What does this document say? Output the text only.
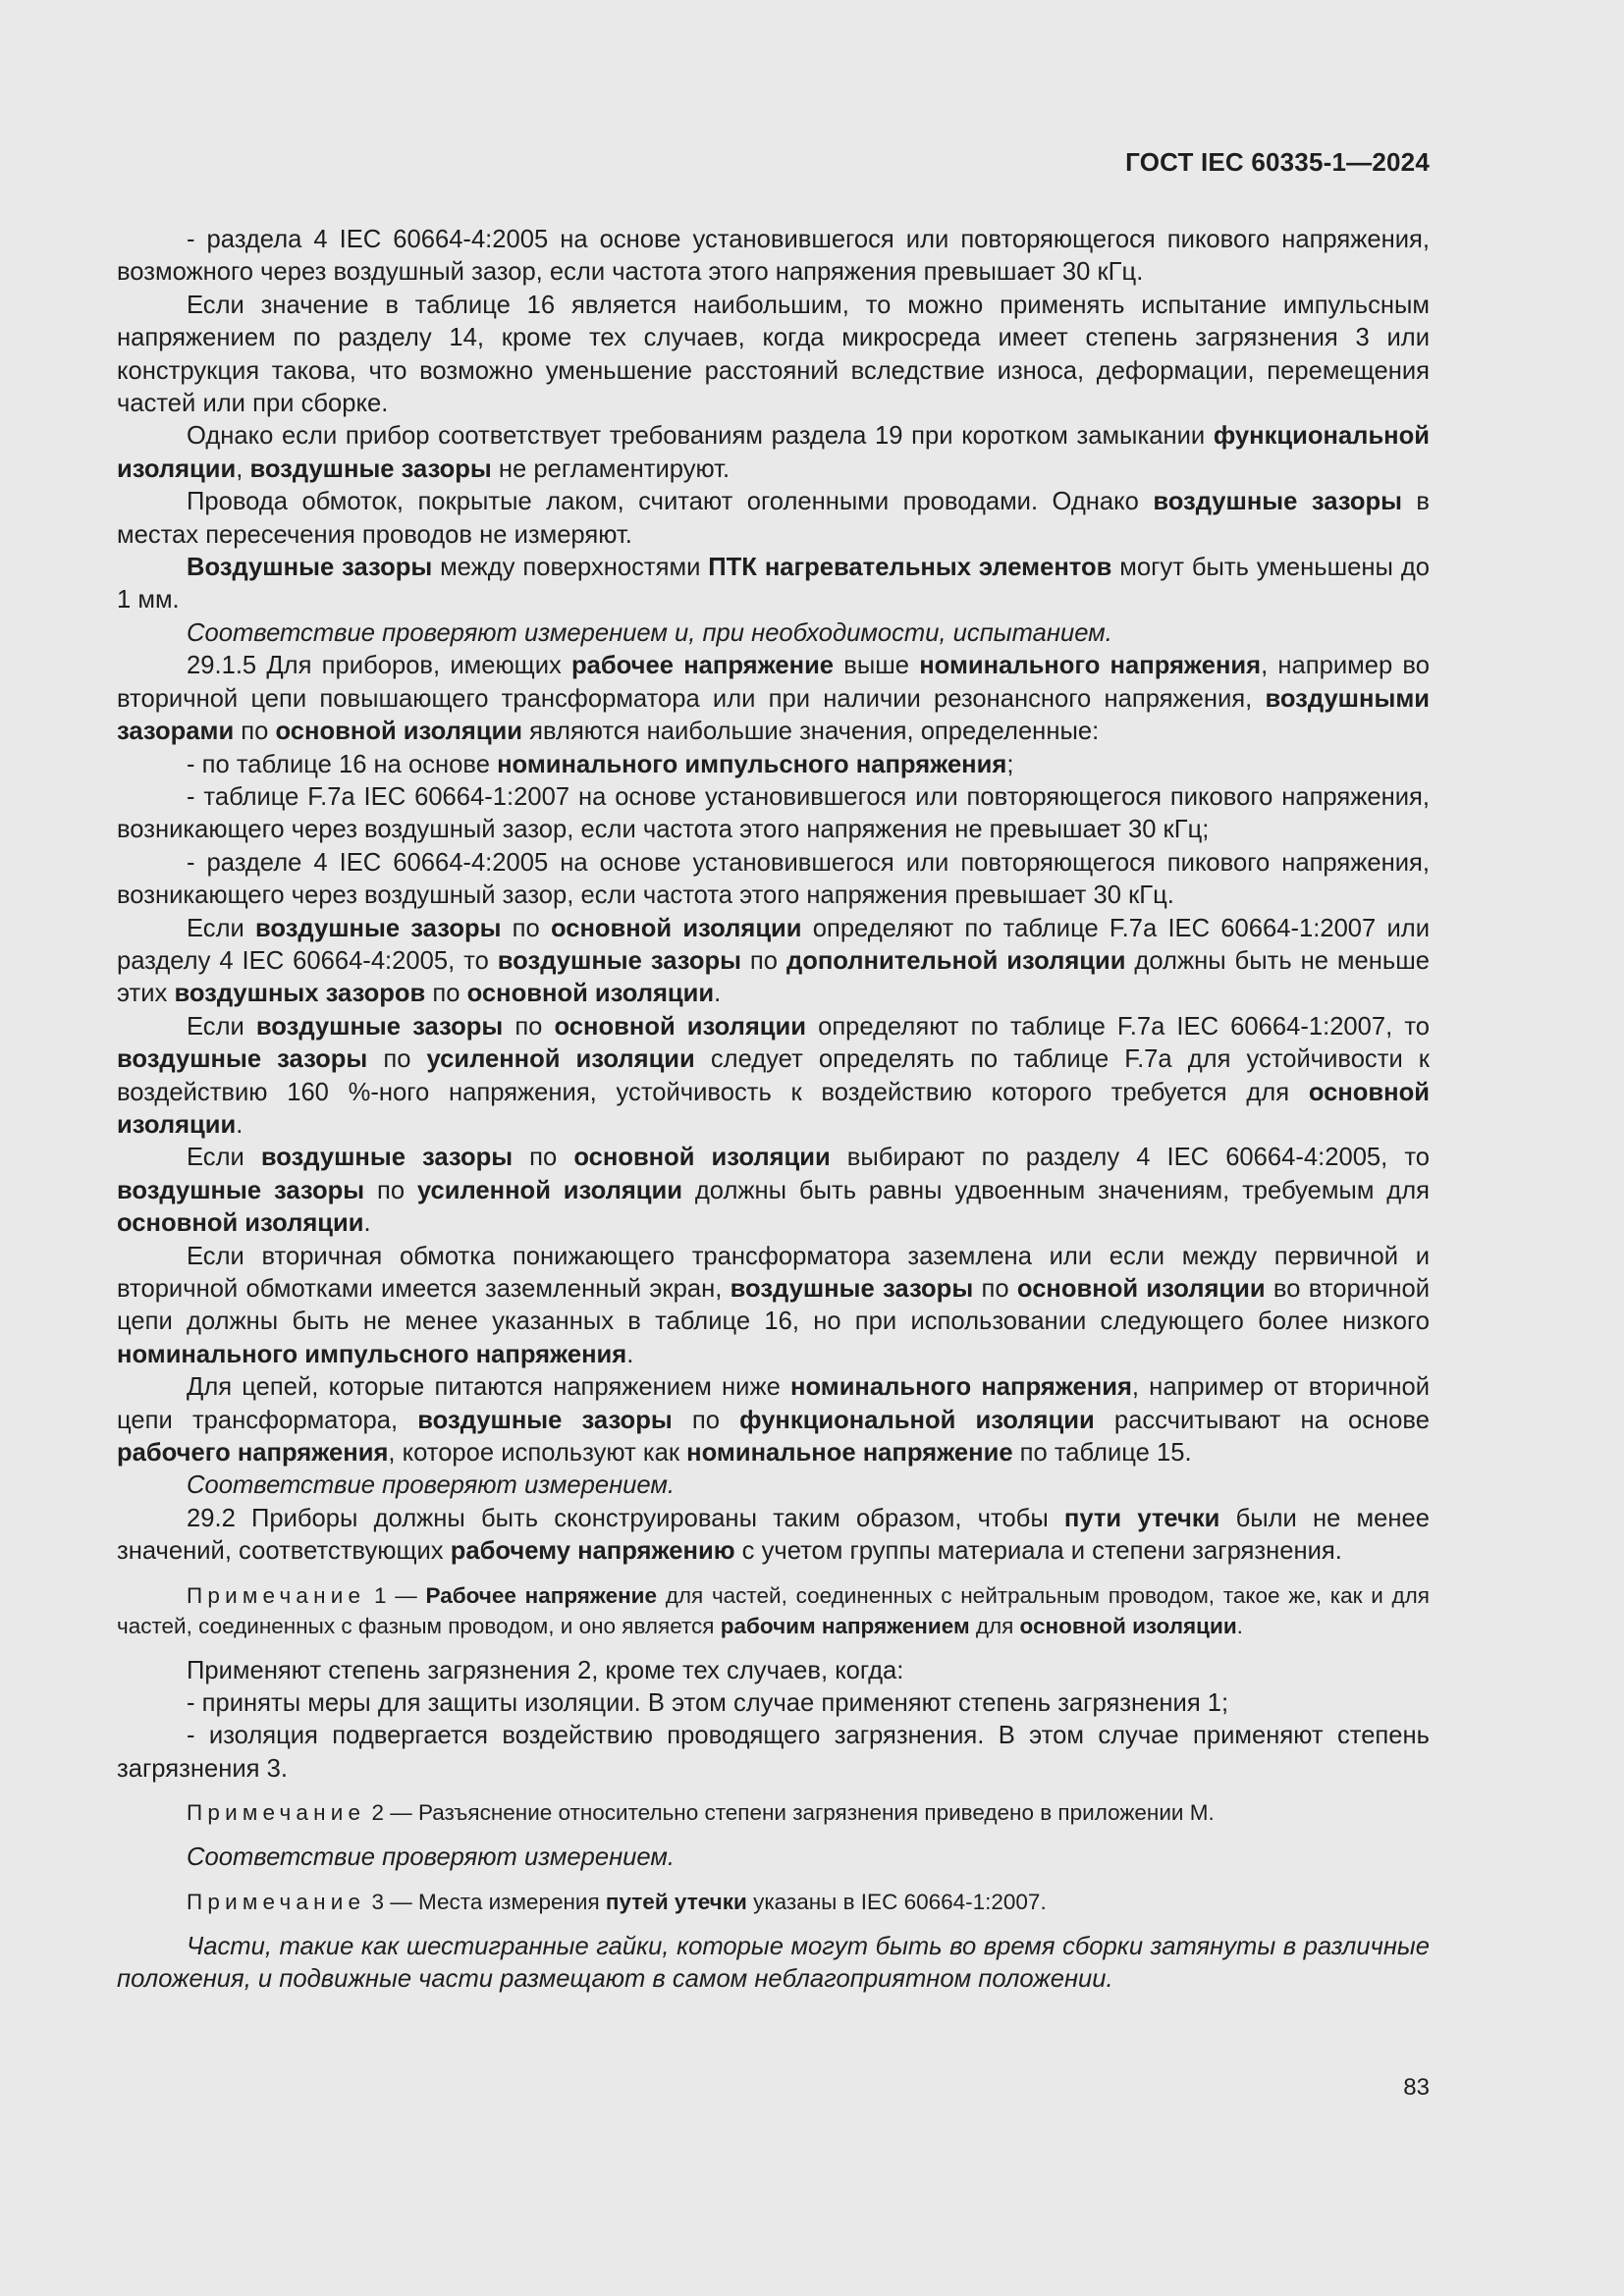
ГОСТ IEC 60335-1—2024

- раздела 4 IEC 60664-4:2005 на основе установившегося или повторяющегося пикового напряжения, возможного через воздушный зазор, если частота этого напряжения превышает 30 кГц.

Если значение в таблице 16 является наибольшим, то можно применять испытание импульсным напряжением по разделу 14, кроме тех случаев, когда микросреда имеет степень загрязнения 3 или конструкция такова, что возможно уменьшение расстояний вследствие износа, деформации, перемещения частей или при сборке.

Однако если прибор соответствует требованиям раздела 19 при коротком замыкании функциональной изоляции, воздушные зазоры не регламентируют.

Провода обмоток, покрытые лаком, считают оголенными проводами. Однако воздушные зазоры в местах пересечения проводов не измеряют.

Воздушные зазоры между поверхностями ПТК нагревательных элементов могут быть уменьшены до 1 мм.

Соответствие проверяют измерением и, при необходимости, испытанием.

29.1.5 Для приборов, имеющих рабочее напряжение выше номинального напряжения, например во вторичной цепи повышающего трансформатора или при наличии резонансного напряжения, воздушными зазорами по основной изоляции являются наибольшие значения, определенные:

- по таблице 16 на основе номинального импульсного напряжения;

- таблице F.7а IEC 60664-1:2007 на основе установившегося или повторяющегося пикового напряжения, возникающего через воздушный зазор, если частота этого напряжения не превышает 30 кГц;

- разделе 4 IEC 60664-4:2005 на основе установившегося или повторяющегося пикового напряжения, возникающего через воздушный зазор, если частота этого напряжения превышает 30 кГц.

Если воздушные зазоры по основной изоляции определяют по таблице F.7а IEC 60664-1:2007 или разделу 4 IEC 60664-4:2005, то воздушные зазоры по дополнительной изоляции должны быть не меньше этих воздушных зазоров по основной изоляции.

Если воздушные зазоры по основной изоляции определяют по таблице F.7а IEC 60664-1:2007, то воздушные зазоры по усиленной изоляции следует определять по таблице F.7а для устойчивости к воздействию 160 %-ного напряжения, устойчивость к воздействию которого требуется для основной изоляции.

Если воздушные зазоры по основной изоляции выбирают по разделу 4 IEC 60664-4:2005, то воздушные зазоры по усиленной изоляции должны быть равны удвоенным значениям, требуемым для основной изоляции.

Если вторичная обмотка понижающего трансформатора заземлена или если между первичной и вторичной обмотками имеется заземленный экран, воздушные зазоры по основной изоляции во вторичной цепи должны быть не менее указанных в таблице 16, но при использовании следующего более низкого номинального импульсного напряжения.

Для цепей, которые питаются напряжением ниже номинального напряжения, например от вторичной цепи трансформатора, воздушные зазоры по функциональной изоляции рассчитывают на основе рабочего напряжения, которое используют как номинальное напряжение по таблице 15.

Соответствие проверяют измерением.

29.2 Приборы должны быть сконструированы таким образом, чтобы пути утечки были не менее значений, соответствующих рабочему напряжению с учетом группы материала и степени загрязнения.

Примечание 1 — Рабочее напряжение для частей, соединенных с нейтральным проводом, такое же, как и для частей, соединенных с фазным проводом, и оно является рабочим напряжением для основной изоляции.

Применяют степень загрязнения 2, кроме тех случаев, когда:

- приняты меры для защиты изоляции. В этом случае применяют степень загрязнения 1;

- изоляция подвергается воздействию проводящего загрязнения. В этом случае применяют степень загрязнения 3.

Примечание 2 — Разъяснение относительно степени загрязнения приведено в приложении М.

Соответствие проверяют измерением.

Примечание 3 — Места измерения путей утечки указаны в IEC 60664-1:2007.

Части, такие как шестигранные гайки, которые могут быть во время сборки затянуты в различные положения, и подвижные части размещают в самом неблагоприятном положении.

83
